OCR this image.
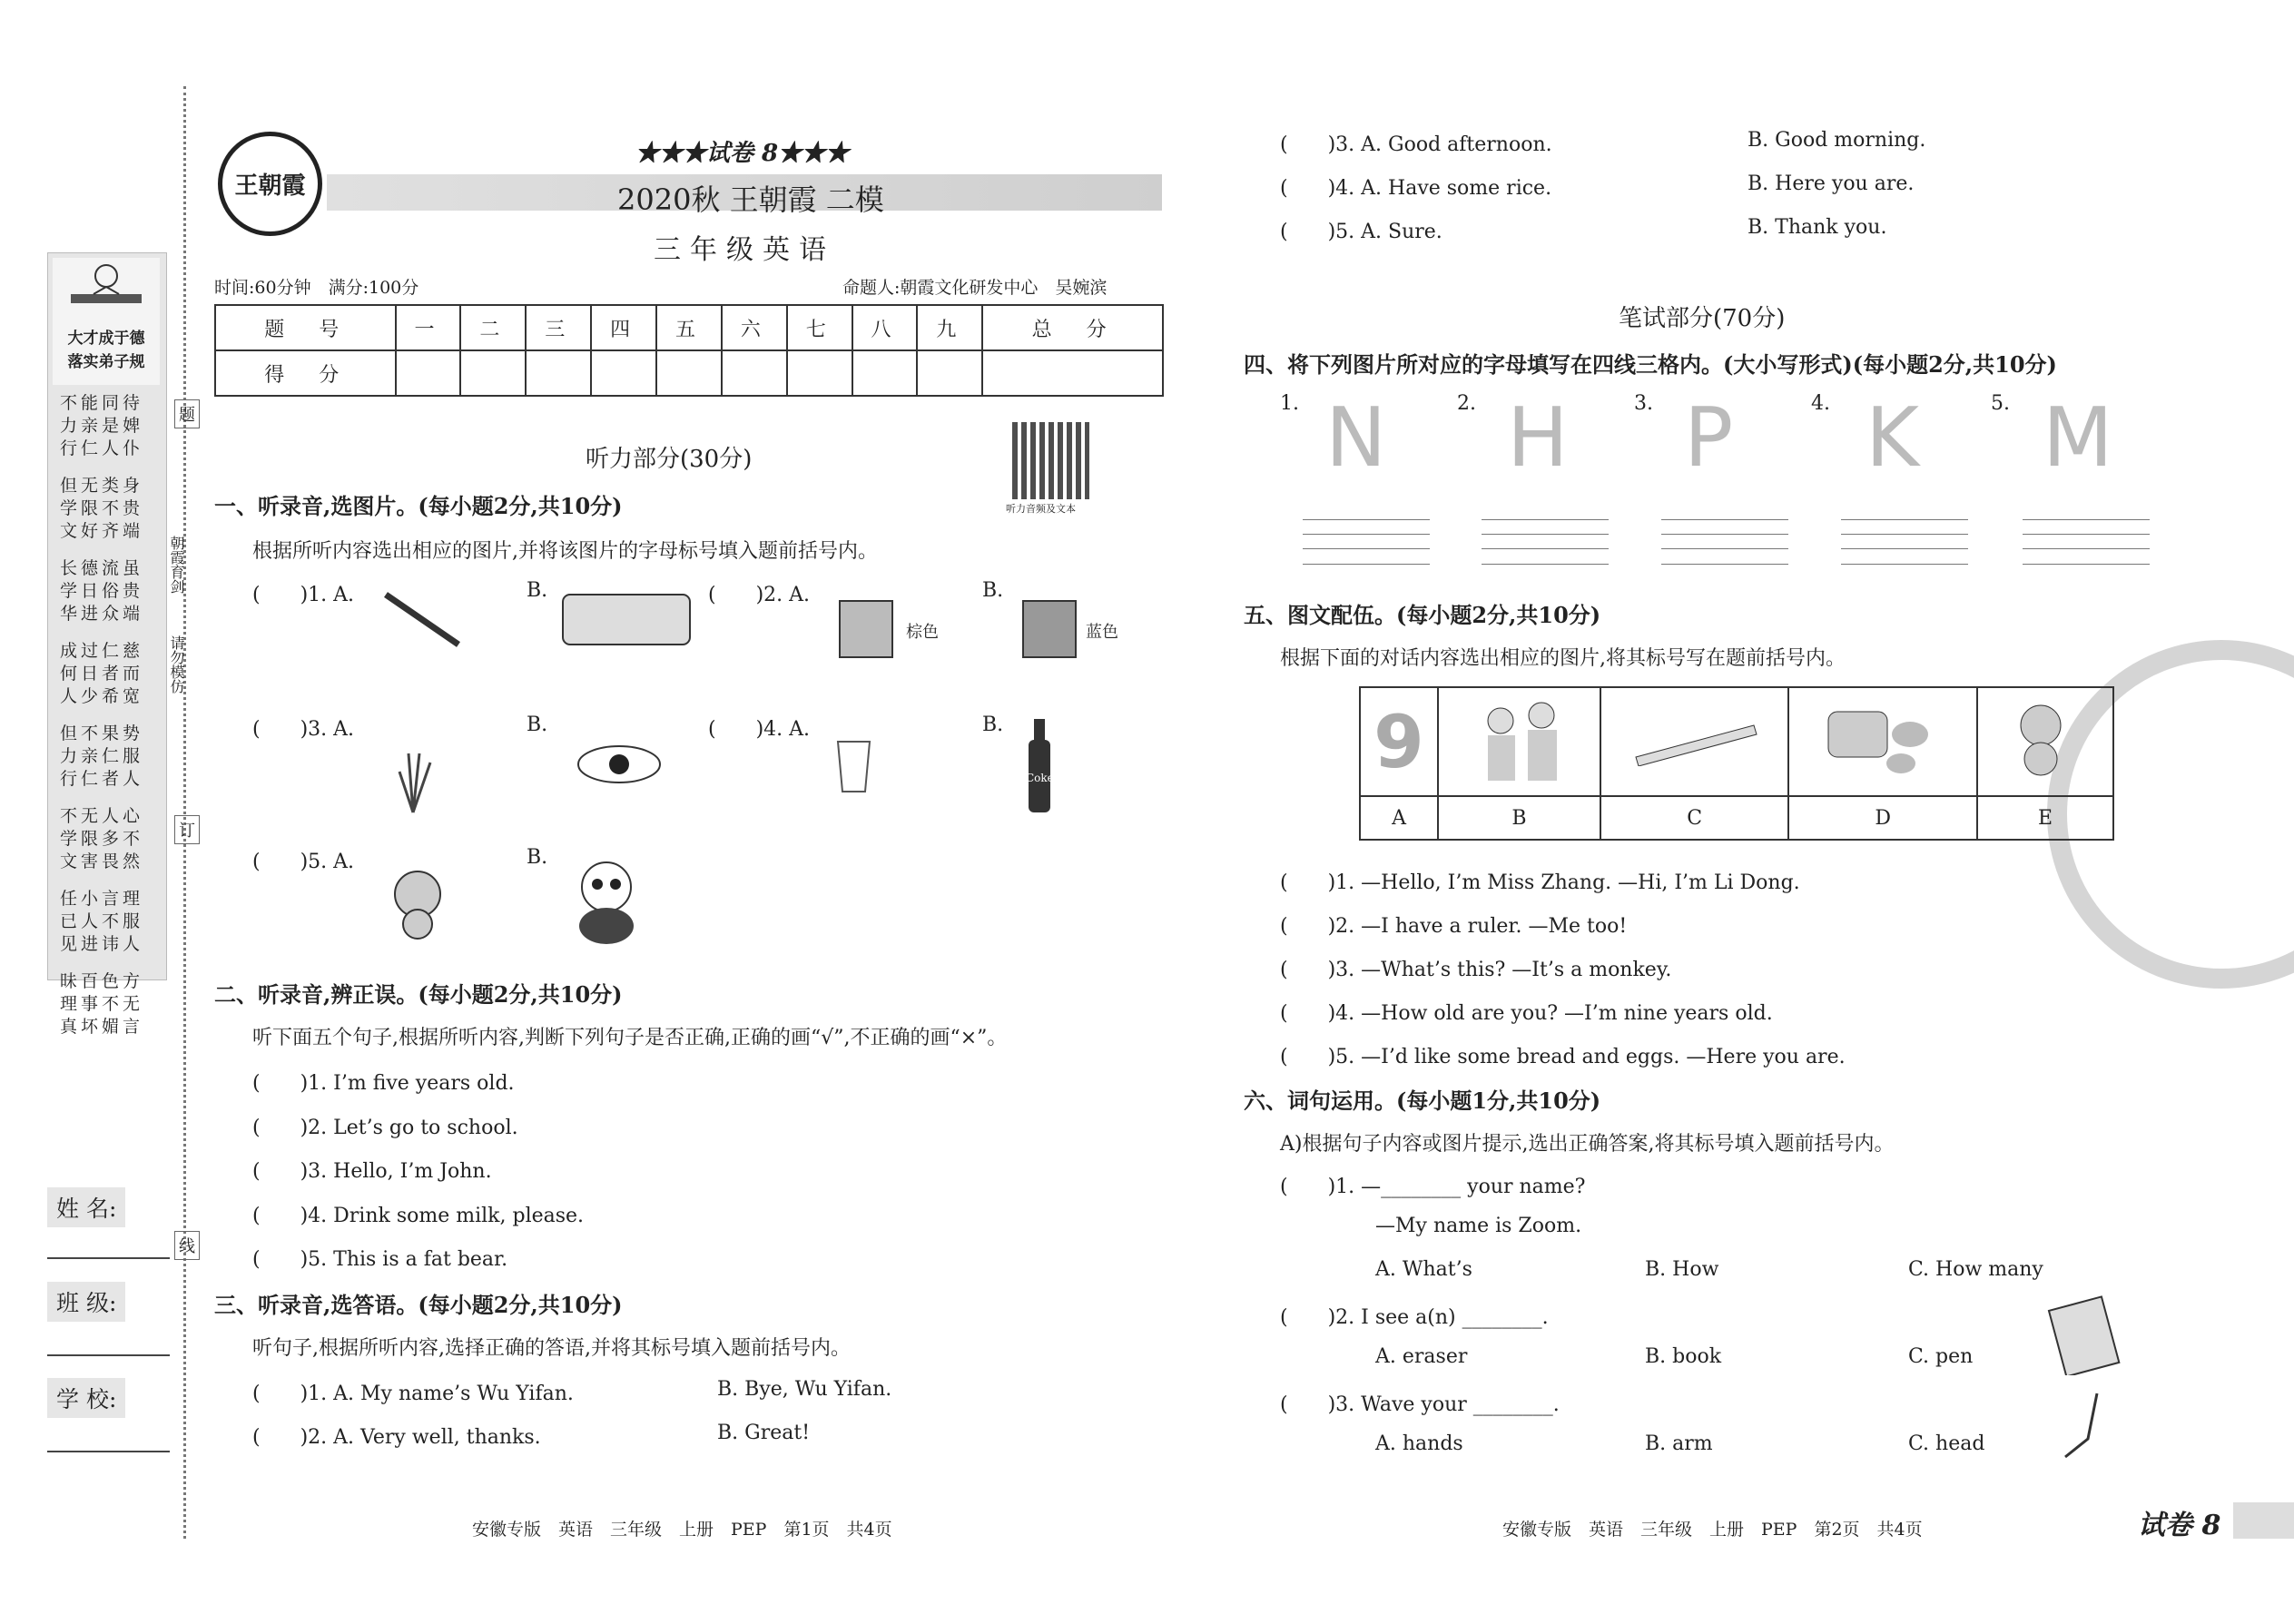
大才成于德
落实弟子规
不能同待
力亲是婢
行仁人仆
但无类身
学限不贵
文好齐端
长德流虽
学日俗贵
华进众端
成过仁慈
何日者而
人少希宽
但不果势
力亲仁服
行仁者人
不无人心
学限多不
文害畏然
任小言理
已人不服
见进讳人
昧百色方
理事不无
真坏媚言
朝霞育剑
请勿模仿
题
订
线
姓 名:
班 级:
学 校:
王朝霞
★★★试卷 8★★★
2020秋 王朝霞 二模
三年级英语
时间:60分钟　满分:100分	命题人:朝霞文化研发中心　吴婉滨
题　号	一	二	三	四	五	六	七	八	九	总　分
得　分										
听力部分(30分)
听力音频及文本
一、听录音,选图片。(每小题2分,共10分)
根据所听内容选出相应的图片,并将该图片的字母标号填入题前括号内。
(　　)1. A.	B.	(　　)2. A.
棕色
B.
蓝色
(　　)3. A.	B.	(　　)4. A.	B.
Coke
(　　)5. A.	B.
二、听录音,辨正误。(每小题2分,共10分)
听下面五个句子,根据所听内容,判断下列句子是否正确,正确的画“√”,不正确的画“×”。
(　　)1. I’m five years old.
(　　)2. Let’s go to school.
(　　)3. Hello, I’m John.
(　　)4. Drink some milk, please.
(　　)5. This is a fat bear.
三、听录音,选答语。(每小题2分,共10分)
听句子,根据所听内容,选择正确的答语,并将其标号填入题前括号内。
(　　)1. A. My name’s Wu Yifan.	B. Bye, Wu Yifan.
(　　)2. A. Very well, thanks.	B. Great!
安徽专版　英语　三年级　上册　PEP　第1页　共4页
(　　)3. A. Good afternoon.	B. Good morning.
(　　)4. A. Have some rice.	B. Here you are.
(　　)5. A. Sure.	B. Thank you.
笔试部分(70分)
四、将下列图片所对应的字母填写在四线三格内。(大小写形式)(每小题2分,共10分)
1. N	2. H	3. P	4. K	5. M
五、图文配伍。(每小题2分,共10分)
根据下面的对话内容选出相应的图片,将其标号写在题前括号内。
9				
A	B	C	D	E
(　　)1. —Hello, I’m Miss Zhang. —Hi, I’m Li Dong.
(　　)2. —I have a ruler. —Me too!
(　　)3. —What’s this? —It’s a monkey.
(　　)4. —How old are you? —I’m nine years old.
(　　)5. —I’d like some bread and eggs. —Here you are.
六、词句运用。(每小题1分,共10分)
A)根据句子内容或图片提示,选出正确答案,将其标号填入题前括号内。
(　　)1. —________ your name?
—My name is Zoom.
A. What’s	B. How	C. How many
(　　)2. I see a(n) ________.
A. eraser	B. book	C. pen
(　　)3. Wave your ________.
A. hands	B. arm	C. head
安徽专版　英语　三年级　上册　PEP　第2页　共4页	试卷 8
